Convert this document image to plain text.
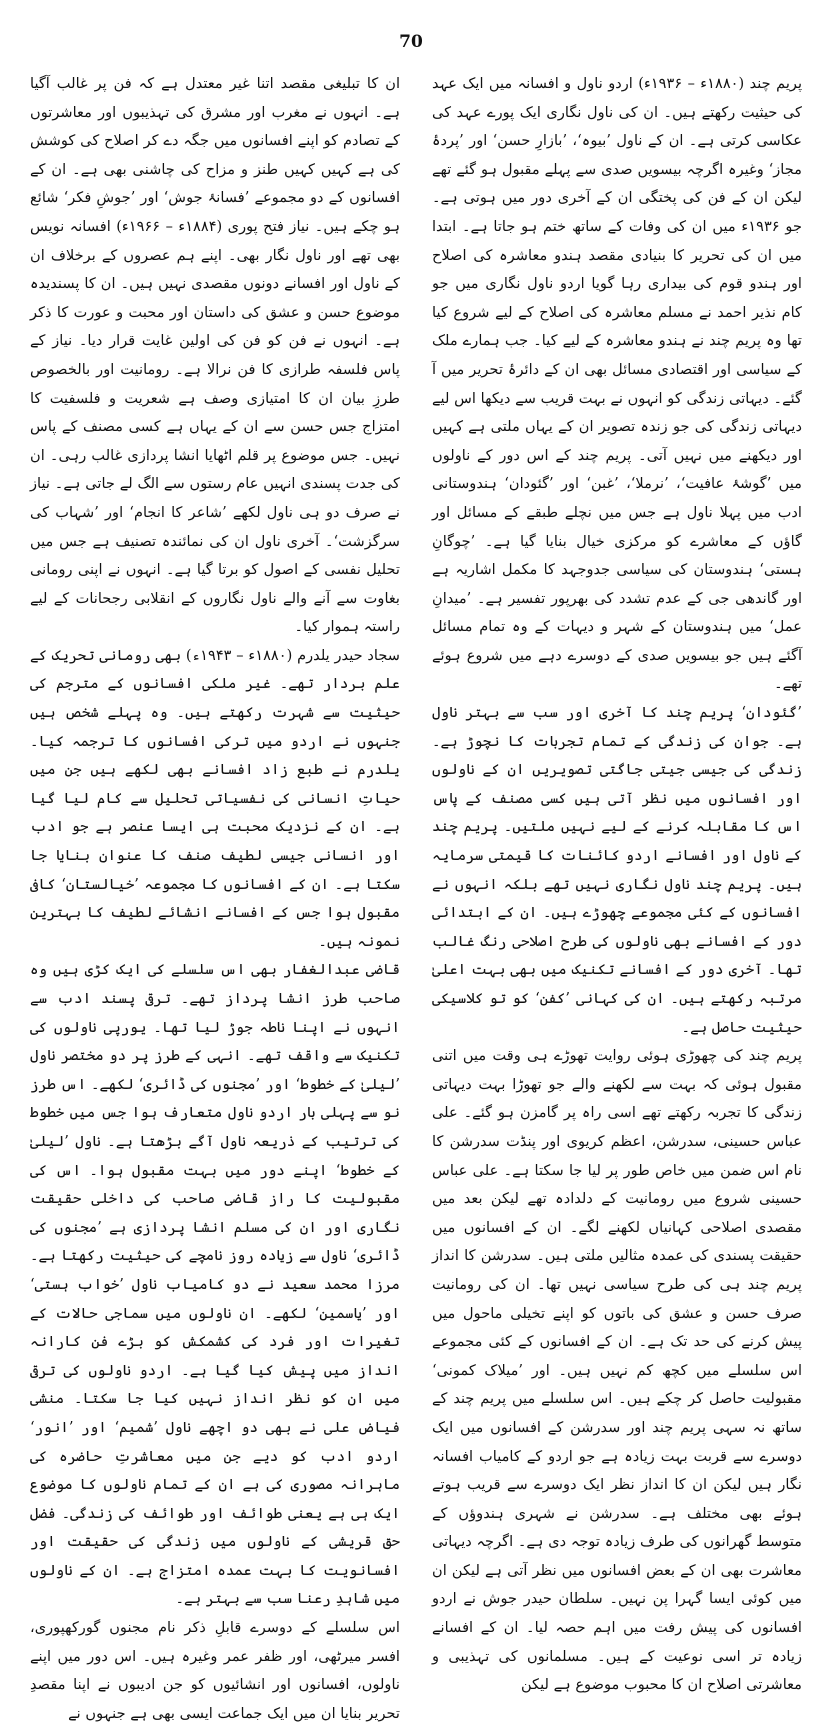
70

پریم چند (۱۸۸۰ء – ۱۹۳۶ء) اردو ناول و افسانہ میں ایک عہد کی حیثیت رکھتے ہیں۔ ان کی ناول نگاری ایک پورے عہد کی عکاسی کرتی ہے۔ ان کے ناول ’بیوہ‘، ’بازارِ حسن‘ اور ’پردۂ مجاز‘ وغیرہ اگرچہ بیسویں صدی سے پہلے مقبول ہو گئے تھے لیکن ان کے فن کی پختگی ان کے آخری دور میں ہوتی ہے۔ جو ۱۹۳۶ء میں ان کی وفات کے ساتھ ختم ہو جاتا ہے۔ ابتدا میں ان کی تحریر کا بنیادی مقصد ہندو معاشرہ کی اصلاح اور ہندو قوم کی بیداری رہا گویا اردو ناول نگاری میں جو کام نذیر احمد نے مسلم معاشرہ کی اصلاح کے لیے شروع کیا تھا وہ پریم چند نے ہندو معاشرہ کے لیے کیا۔ جب ہمارے ملک کے سیاسی اور اقتصادی مسائل بھی ان کے دائرۂ تحریر میں آ گئے۔ دیہاتی زندگی کو انہوں نے بہت قریب سے دیکھا اس لیے دیہاتی زندگی کی جو زندہ تصویر ان کے یہاں ملتی ہے کہیں اور دیکھنے میں نہیں آتی۔ پریم چند کے اس دور کے ناولوں میں ’گوشۂ عافیت‘، ’نرملا‘، ’غبن‘ اور ’گئودان‘ ہندوستانی ادب میں پہلا ناول ہے جس میں نچلے طبقے کے مسائل اور گاؤں کے معاشرے کو مرکزی خیال بنایا گیا ہے۔ ’چوگانِ ہستی‘ ہندوستان کی سیاسی جدوجہد کا مکمل اشاریہ ہے اور گاندھی جی کے عدم تشدد کی بھرپور تفسیر ہے۔ ’میدانِ عمل‘ میں ہندوستان کے شہر و دیہات کے وہ تمام مسائل آگئے ہیں جو بیسویں صدی کے دوسرے دہے میں شروع ہوئے تھے۔

’گئودان‘ پریم چند کا آخری اور سب سے بہتر ناول ہے۔ جوان کی زندگی کے تمام تجربات کا نچوڑ ہے۔ زندگی کی جیسی جیتی جاگتی تصویریں ان کے ناولوں اور افسانوں میں نظر آتی ہیں کسی مصنف کے پاس اس کا مقابلہ کرنے کے لیے نہیں ملتیں۔ پریم چند کے ناول اور افسانے اردو کائنات کا قیمتی سرمایہ ہیں۔ پریم چند ناول نگاری نہیں تھے بلکہ انہوں نے افسانوں کے کئی مجموعے چھوڑے ہیں۔ ان کے ابتدائی دور کے افسانے بھی ناولوں کی طرح اصلاحی رنگ غالب تھا۔ آخری دور کے افسانے تکنیک میں بھی بہت اعلیٰ مرتبہ رکھتے ہیں۔ ان کی کہانی ’کفن‘ کو تو کلاسیکی حیثیت حاصل ہے۔

پریم چند کی چھوڑی ہوئی روایت تھوڑے ہی وقت میں اتنی مقبول ہوئی کہ بہت سے لکھنے والے جو تھوڑا بہت دیہاتی زندگی کا تجربہ رکھتے تھے اسی راہ پر گامزن ہو گئے۔ علی عباس حسینی، سدرشن، اعظم کریوی اور پنڈت سدرشن کا نام اس ضمن میں خاص طور پر لیا جا سکتا ہے۔ علی عباس حسینی شروع میں رومانیت کے دلدادہ تھے لیکن بعد میں مقصدی اصلاحی کہانیاں لکھنے لگے۔ ان کے افسانوں میں حقیقت پسندی کی عمدہ مثالیں ملتی ہیں۔ سدرشن کا انداز پریم چند ہی کی طرح سیاسی نہیں تھا۔ ان کی رومانیت صرف حسن و عشق کی باتوں کو اپنے تخیلی ماحول میں پیش کرنے کی حد تک ہے۔ ان کے افسانوں کے کئی مجموعے اس سلسلے میں کچھ کم نہیں ہیں۔ اور ’میلاک کمونی‘ مقبولیت حاصل کر چکے ہیں۔ اس سلسلے میں پریم چند کے ساتھ نہ سہی پریم چند اور سدرشن کے افسانوں میں ایک دوسرے سے قربت بہت زیادہ ہے جو اردو کے کامیاب افسانہ نگار ہیں لیکن ان کا انداز نظر ایک دوسرے سے قریب ہوتے ہوئے بھی مختلف ہے۔ سدرشن نے شہری ہندوؤں کے متوسط گھرانوں کی طرف زیادہ توجہ دی ہے۔ اگرچہ دیہاتی معاشرت بھی ان کے بعض افسانوں میں نظر آتی ہے لیکن ان میں کوئی ایسا گہرا پن نہیں۔ سلطان حیدر جوش نے اردو افسانوں کی پیش رفت میں اہم حصہ لیا۔ ان کے افسانے زیادہ تر اسی نوعیت کے ہیں۔ مسلمانوں کی تہذیبی و معاشرتی اصلاح ان کا محبوب موضوع ہے لیکن

ان کا تبلیغی مقصد اتنا غیر معتدل ہے کہ فن پر غالب آگیا ہے۔ انہوں نے مغرب اور مشرق کی تہذیبوں اور معاشرتوں کے تصادم کو اپنے افسانوں میں جگہ دے کر اصلاح کی کوشش کی ہے کہیں کہیں طنز و مزاح کی چاشنی بھی ہے۔ ان کے افسانوں کے دو مجموعے ’فسانۂ جوش‘ اور ’جوشِ فکر‘ شائع ہو چکے ہیں۔ نیاز فتح پوری (۱۸۸۴ء – ۱۹۶۶ء) افسانہ نویس بھی تھے اور ناول نگار بھی۔ اپنے ہم عصروں کے برخلاف ان کے ناول اور افسانے دونوں مقصدی نہیں ہیں۔ ان کا پسندیدہ موضوع حسن و عشق کی داستان اور محبت و عورت کا ذکر ہے۔ انہوں نے فن کو فن کی اولین غایت قرار دیا۔ نیاز کے پاس فلسفہ طرازی کا فن نرالا ہے۔ رومانیت اور بالخصوص طرزِ بیان ان کا امتیازی وصف ہے شعریت و فلسفیت کا امتزاج جس حسن سے ان کے یہاں ہے کسی مصنف کے پاس نہیں۔ جس موضوع پر قلم اٹھایا انشا پردازی غالب رہی۔ ان کی جدت پسندی انہیں عام رستوں سے الگ لے جاتی ہے۔ نیاز نے صرف دو ہی ناول لکھے ’شاعر کا انجام‘ اور ’شہاب کی سرگزشت‘۔ آخری ناول ان کی نمائندہ تصنیف ہے جس میں تحلیل نفسی کے اصول کو برتا گیا ہے۔ انہوں نے اپنی رومانی بغاوت سے آنے والے ناول نگاروں کے انقلابی رجحانات کے لیے راستہ ہموار کیا۔

سجاد حیدر یلدرم (۱۸۸۰ء – ۱۹۴۳ء) بھی رومانی تحریک کے علم بردار تھے۔ غیر ملکی افسانوں کے مترجم کی حیثیت سے شہرت رکھتے ہیں۔ وہ پہلے شخص ہیں جنہوں نے اردو میں ترکی افسانوں کا ترجمہ کیا۔ یلدرم نے طبع زاد افسانے بھی لکھے ہیں جن میں حیاتِ انسانی کی نفسیاتی تحلیل سے کام لیا گیا ہے۔ ان کے نزدیک محبت ہی ایسا عنصر ہے جو ادب اور انسانی جیسی لطیف صنف کا عنوان بنایا جا سکتا ہے۔ ان کے افسانوں کا مجموعہ ’خیالستان‘ کافی مقبول ہوا جس کے افسانے انشائے لطیف کا بہترین نمونہ ہیں۔

قاضی عبدالغفار بھی اس سلسلے کی ایک کڑی ہیں وہ صاحب طرز انشا پرداز تھے۔ ترقی پسند ادب سے انہوں نے اپنا ناطہ جوڑ لیا تھا۔ یورپی ناولوں کی تکنیک سے واقف تھے۔ انہی کے طرز پر دو مختصر ناول ’لیلیٰ کے خطوط‘ اور ’مجنوں کی ڈائری‘ لکھے۔ اس طرز نو سے پہلی بار اردو ناول متعارف ہوا جس میں خطوط کی ترتیب کے ذریعہ ناول آگے بڑھتا ہے۔ ناول ’لیلیٰ کے خطوط‘ اپنے دور میں بہت مقبول ہوا۔ اس کی مقبولیت کا راز قاضی صاحب کی داخلی حقیقت نگاری اور ان کی مسلم انشا پردازی ہے ’مجنوں کی ڈائری‘ ناول سے زیادہ روز نامچے کی حیثیت رکھتا ہے۔ مرزا محمد سعید نے دو کامیاب ناول ’خواب ہستی‘ اور ’یاسمین‘ لکھے۔ ان ناولوں میں سماجی حالات کے تغیرات اور فرد کی کشمکش کو بڑے فن کارانہ انداز میں پیش کیا گیا ہے۔ اردو ناولوں کی ترقی میں ان کو نظر انداز نہیں کیا جا سکتا۔ منشی فیاض علی نے بھی دو اچھے ناول ’شمیم‘ اور ’انور‘ اردو ادب کو دیے جن میں معاشرتِ حاضرہ کی ماہرانہ مصوری کی ہے ان کے تمام ناولوں کا موضوع ایک ہی ہے یعنی طوائف اور طوائف کی زندگی۔ فضل حق قریشی کے ناولوں میں زندگی کی حقیقت اور افسانویت کا بہت عمدہ امتزاج ہے۔ ان کے ناولوں میں شاہدِ رعنا سب سے بہتر ہے۔

اس سلسلے کے دوسرے قابلِ ذکر نام مجنوں گورکھپوری، افسر میرٹھی، اور ظفر عمر وغیرہ ہیں۔ اس دور میں اپنے ناولوں، افسانوں اور انشائیوں کو جن ادیبوں نے اپنا مقصدِ تحریر بنایا ان میں ایک جماعت ایسی بھی ہے جنہوں نے
